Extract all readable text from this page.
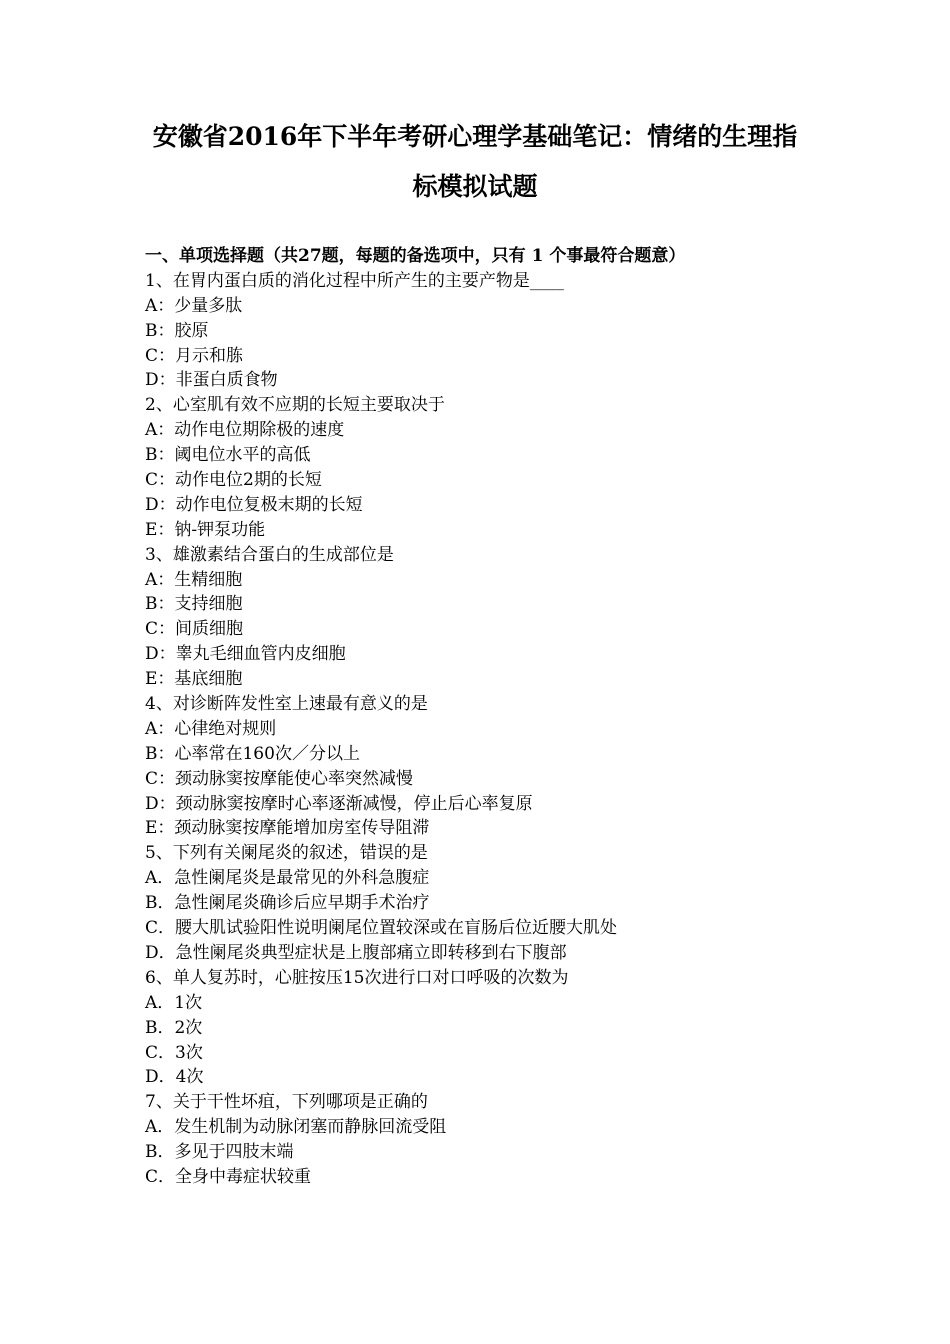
安徽省2016年下半年考研心理学基础笔记：情绪的生理指
标模拟试题
一、单项选择题（共27题，每题的备选项中，只有 1 个事最符合题意）
1、在胃内蛋白质的消化过程中所产生的主要产物是____
A：少量多肽
B：胶原
C：月示和胨
D：非蛋白质食物
2、心室肌有效不应期的长短主要取决于
A：动作电位期除极的速度
B：阈电位水平的高低
C：动作电位2期的长短
D：动作电位复极末期的长短
E：钠-钾泵功能
3、雄激素结合蛋白的生成部位是
A：生精细胞
B：支持细胞
C：间质细胞
D：睾丸毛细血管内皮细胞
E：基底细胞
4、对诊断阵发性室上速最有意义的是
A：心律绝对规则
B：心率常在160次／分以上
C：颈动脉窦按摩能使心率突然减慢
D：颈动脉窦按摩时心率逐渐减慢，停止后心率复原
E：颈动脉窦按摩能增加房室传导阻滞
5、下列有关阑尾炎的叙述，错误的是
A．急性阑尾炎是最常见的外科急腹症
B．急性阑尾炎确诊后应早期手术治疗
C．腰大肌试验阳性说明阑尾位置较深或在盲肠后位近腰大肌处
D．急性阑尾炎典型症状是上腹部痛立即转移到右下腹部
6、单人复苏时，心脏按压15次进行口对口呼吸的次数为
A．1次
B．2次
C．3次
D．4次
7、关于干性坏疽，下列哪项是正确的
A．发生机制为动脉闭塞而静脉回流受阻
B．多见于四肢末端
C．全身中毒症状较重
